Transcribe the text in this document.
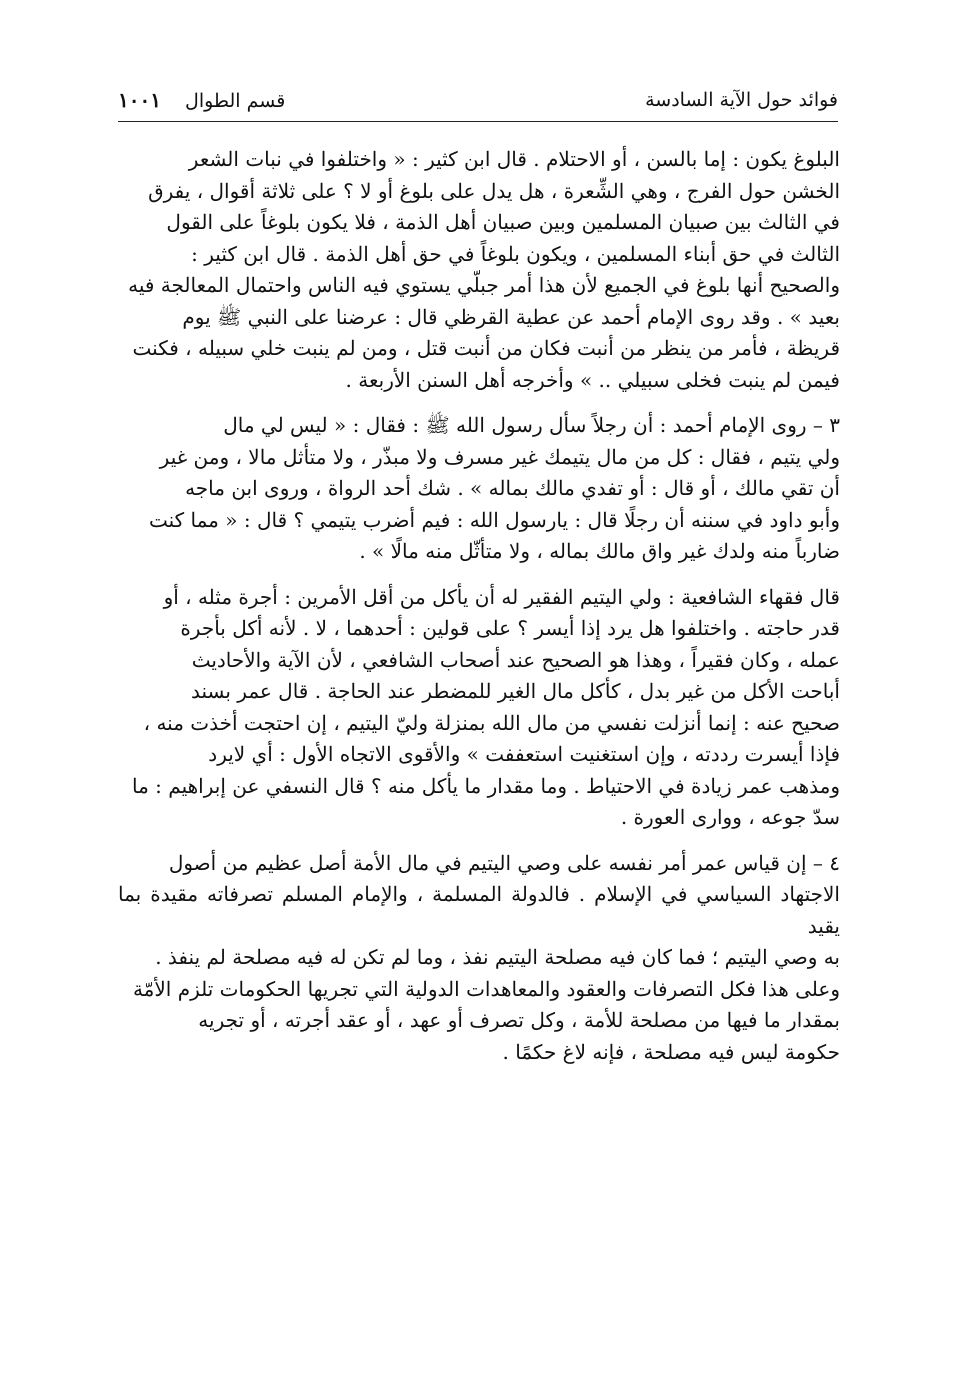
فوائد حول الآية السادسة
قسم الطوال ١٠٠١

البلوغ يكون : إما بالسن ، أو الاحتلام . قال ابن كثير : « واختلفوا في نبات الشعر
الخشن حول الفرج ، وهي الشِّعرة ، هل يدل على بلوغ أو لا ؟ على ثلاثة أقوال ، يفرق
في الثالث بين صبيان المسلمين وبين صبيان أهل الذمة ، فلا يكون بلوغاً على القول
الثالث في حق أبناء المسلمين ، ويكون بلوغاً في حق أهل الذمة . قال ابن كثير :
والصحيح أنها بلوغ في الجميع لأن هذا أمر جبلّي يستوي فيه الناس واحتمال المعالجة فيه
بعيد » . وقد روى الإمام أحمد عن عطية القرظي قال : عرضنا على النبي ﷺ يوم
قريظة ، فأمر من ينظر من أنبت فكان من أنبت قتل ، ومن لم ينبت خلي سبيله ، فكنت
فيمن لم ينبت فخلى سبيلي .. » وأخرجه أهل السنن الأربعة .

٣ – روى الإمام أحمد : أن رجلاً سأل رسول الله ﷺ : فقال : « ليس لي مال
ولي يتيم ، فقال : كل من مال يتيمك غير مسرف ولا مبذّر ، ولا متأثل مالا ، ومن غير
أن تقي مالك ، أو قال : أو تفدي مالك بماله » . شك أحد الرواة ، وروى ابن ماجه
وأبو داود في سننه أن رجلًا قال : يارسول الله : فيم أضرب يتيمي ؟ قال : « مما كنت
ضارباً منه ولدك غير واق مالك بماله ، ولا متأثّل منه مالًا » .

قال فقهاء الشافعية : ولي اليتيم الفقير له أن يأكل من أقل الأمرين : أجرة مثله ، أو
قدر حاجته . واختلفوا هل يرد إذا أيسر ؟ على قولين : أحدهما ، لا . لأنه أكل بأجرة
عمله ، وكان فقيراً ، وهذا هو الصحيح عند أصحاب الشافعي ، لأن الآية والأحاديث
أباحت الأكل من غير بدل ، كأكل مال الغير للمضطر عند الحاجة . قال عمر بسند
صحيح عنه : إنما أنزلت نفسي من مال الله بمنزلة وليّ اليتيم ، إن احتجت أخذت منه ،
فإذا أيسرت رددته ، وإن استغنيت استعففت » والأقوى الاتجاه الأول : أي لايرد
ومذهب عمر زيادة في الاحتياط . وما مقدار ما يأكل منه ؟ قال النسفي عن إبراهيم : ما
سدّ جوعه ، ووارى العورة .

٤ – إن قياس عمر أمر نفسه على وصي اليتيم في مال الأمة أصل عظيم من أصول
الاجتهاد السياسي في الإسلام . فالدولة المسلمة ، والإمام المسلم تصرفاته مقيدة بما يقيد
به وصي اليتيم ؛ فما كان فيه مصلحة اليتيم نفذ ، وما لم تكن له فيه مصلحة لم ينفذ .
وعلى هذا فكل التصرفات والعقود والمعاهدات الدولية التي تجريها الحكومات تلزم الأمّة
بمقدار ما فيها من مصلحة للأمة ، وكل تصرف أو عهد ، أو عقد أجرته ، أو تجريه
حكومة ليس فيه مصلحة ، فإنه لاغ حكمًا .
